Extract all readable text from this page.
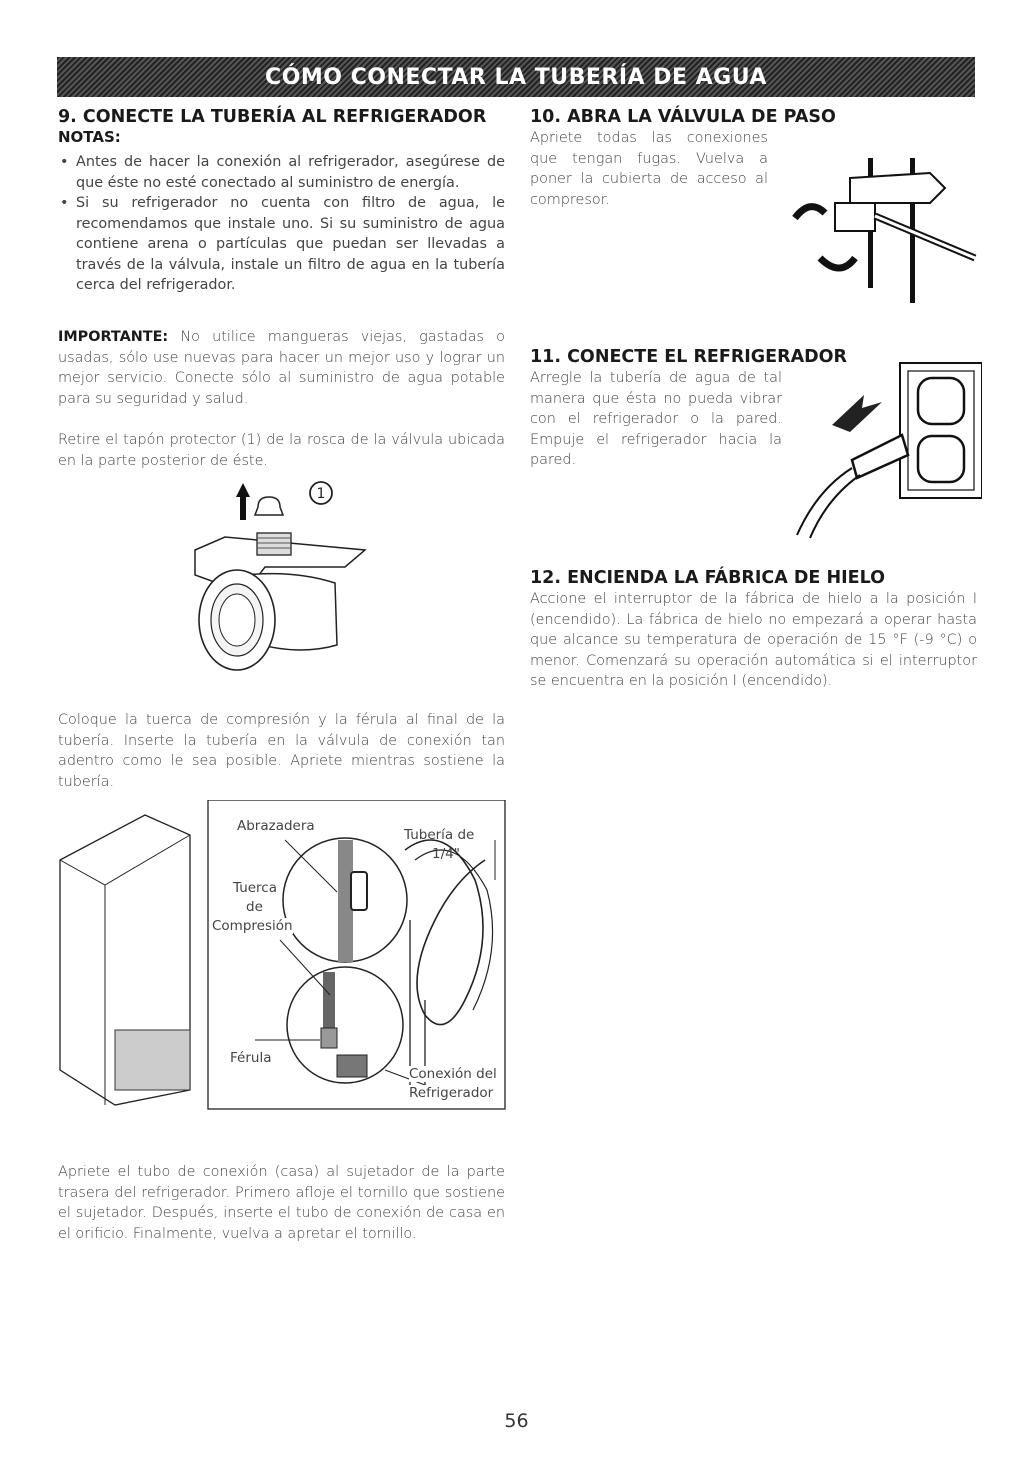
CÓMO CONECTAR LA TUBERÍA DE AGUA
9. CONECTE LA TUBERÍA AL REFRIGERADOR
NOTAS:
• Antes de hacer la conexión al refrigerador, asegúrese de que éste no esté conectado al suministro de energía.
• Si su refrigerador no cuenta con filtro de agua, le recomendamos que instale uno. Si su suministro de agua contiene arena o partículas que puedan ser llevadas a través de la válvula, instale un filtro de agua en la tubería cerca del refrigerador.

IMPORTANTE: No utilice mangueras viejas, gastadas o usadas, sólo use nuevas para hacer un mejor uso y lograr un mejor servicio. Conecte sólo al suministro de agua potable para su seguridad y salud.

Retire el tapón protector (1) de la rosca de la válvula ubicada en la parte posterior de éste.

1

Coloque la tuerca de compresión y la férula al final de la tubería. Inserte la tubería en la válvula de conexión tan adentro como le sea posible. Apriete mientras sostiene la tubería.

Abrazadera
Tubería de
1/4"
Tuerca
de
Compresión
Férula
Conexión del
Refrigerador

Apriete el tubo de conexión (casa) al sujetador de la parte trasera del refrigerador. Primero afloje el tornillo que sostiene el sujetador. Después, inserte el tubo de conexión de casa en el orificio. Finalmente, vuelva a apretar el tornillo.

10. ABRA LA VÁLVULA DE PASO

Apriete todas las conexiones que tengan fugas. Vuelva a poner la cubierta de acceso al compresor.

11. CONECTE EL REFRIGERADOR

Arregle la tubería de agua de tal manera que ésta no pueda vibrar con el refrigerador o la pared. Empuje el refrigerador hacia la pared.

12. ENCIENDA LA FÁBRICA DE HIELO

Accione el interruptor de la fábrica de hielo a la posición I (encendido). La fábrica de hielo no empezará a operar hasta que alcance su temperatura de operación de 15 °F (-9 °C) o menor. Comenzará su operación automática si el interruptor se encuentra en la posición I (encendido).

56
